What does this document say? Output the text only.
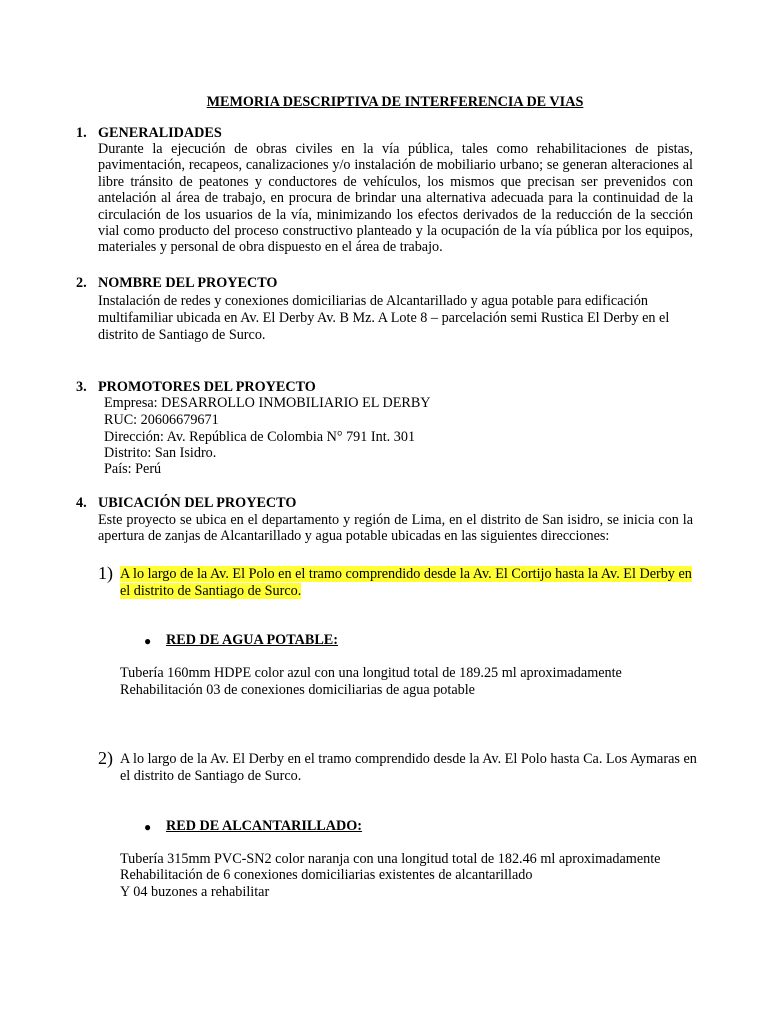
MEMORIA DESCRIPTIVA DE INTERFERENCIA DE VIAS
1. GENERALIDADES
Durante la ejecución de obras civiles en la vía pública, tales como rehabilitaciones de pistas, pavimentación, recapeos, canalizaciones y/o instalación de mobiliario urbano; se generan alteraciones al libre tránsito de peatones y conductores de vehículos, los mismos que precisan ser prevenidos con antelación al área de trabajo, en procura de brindar una alternativa adecuada para la continuidad de la circulación de los usuarios de la vía, minimizando los efectos derivados de la reducción de la sección vial como producto del proceso constructivo planteado y la ocupación de la vía pública por los equipos, materiales y personal de obra dispuesto en el área de trabajo.
2. NOMBRE DEL PROYECTO
Instalación de redes y conexiones domiciliarias de Alcantarillado y agua potable para edificación
multifamiliar ubicada en Av. El Derby Av. B Mz. A Lote 8 – parcelación semi Rustica El Derby en el
distrito de Santiago de Surco.
3. PROMOTORES DEL PROYECTO
Empresa: DESARROLLO INMOBILIARIO EL DERBY
RUC: 20606679671
Dirección: Av. República de Colombia N° 791 Int. 301
Distrito: San Isidro.
País: Perú
4. UBICACIÓN DEL PROYECTO
Este proyecto se ubica en el departamento y región de Lima, en el distrito de San isidro, se inicia con la apertura de zanjas de Alcantarillado y agua potable ubicadas en las siguientes direcciones:
1) A lo largo de la Av. El Polo en el tramo comprendido desde la Av. El Cortijo hasta la Av. El Derby en
el distrito de Santiago de Surco.
● RED DE AGUA POTABLE:
Tubería 160mm HDPE color azul con una longitud total de 189.25 ml aproximadamente
Rehabilitación 03 de conexiones domiciliarias de agua potable
2) A lo largo de la Av. El Derby en el tramo comprendido desde la Av. El Polo hasta Ca. Los Aymaras en
el distrito de Santiago de Surco.
● RED DE ALCANTARILLADO:
Tubería 315mm PVC-SN2 color naranja con una longitud total de 182.46 ml aproximadamente
Rehabilitación de 6 conexiones domiciliarias existentes de alcantarillado
Y 04 buzones a rehabilitar
